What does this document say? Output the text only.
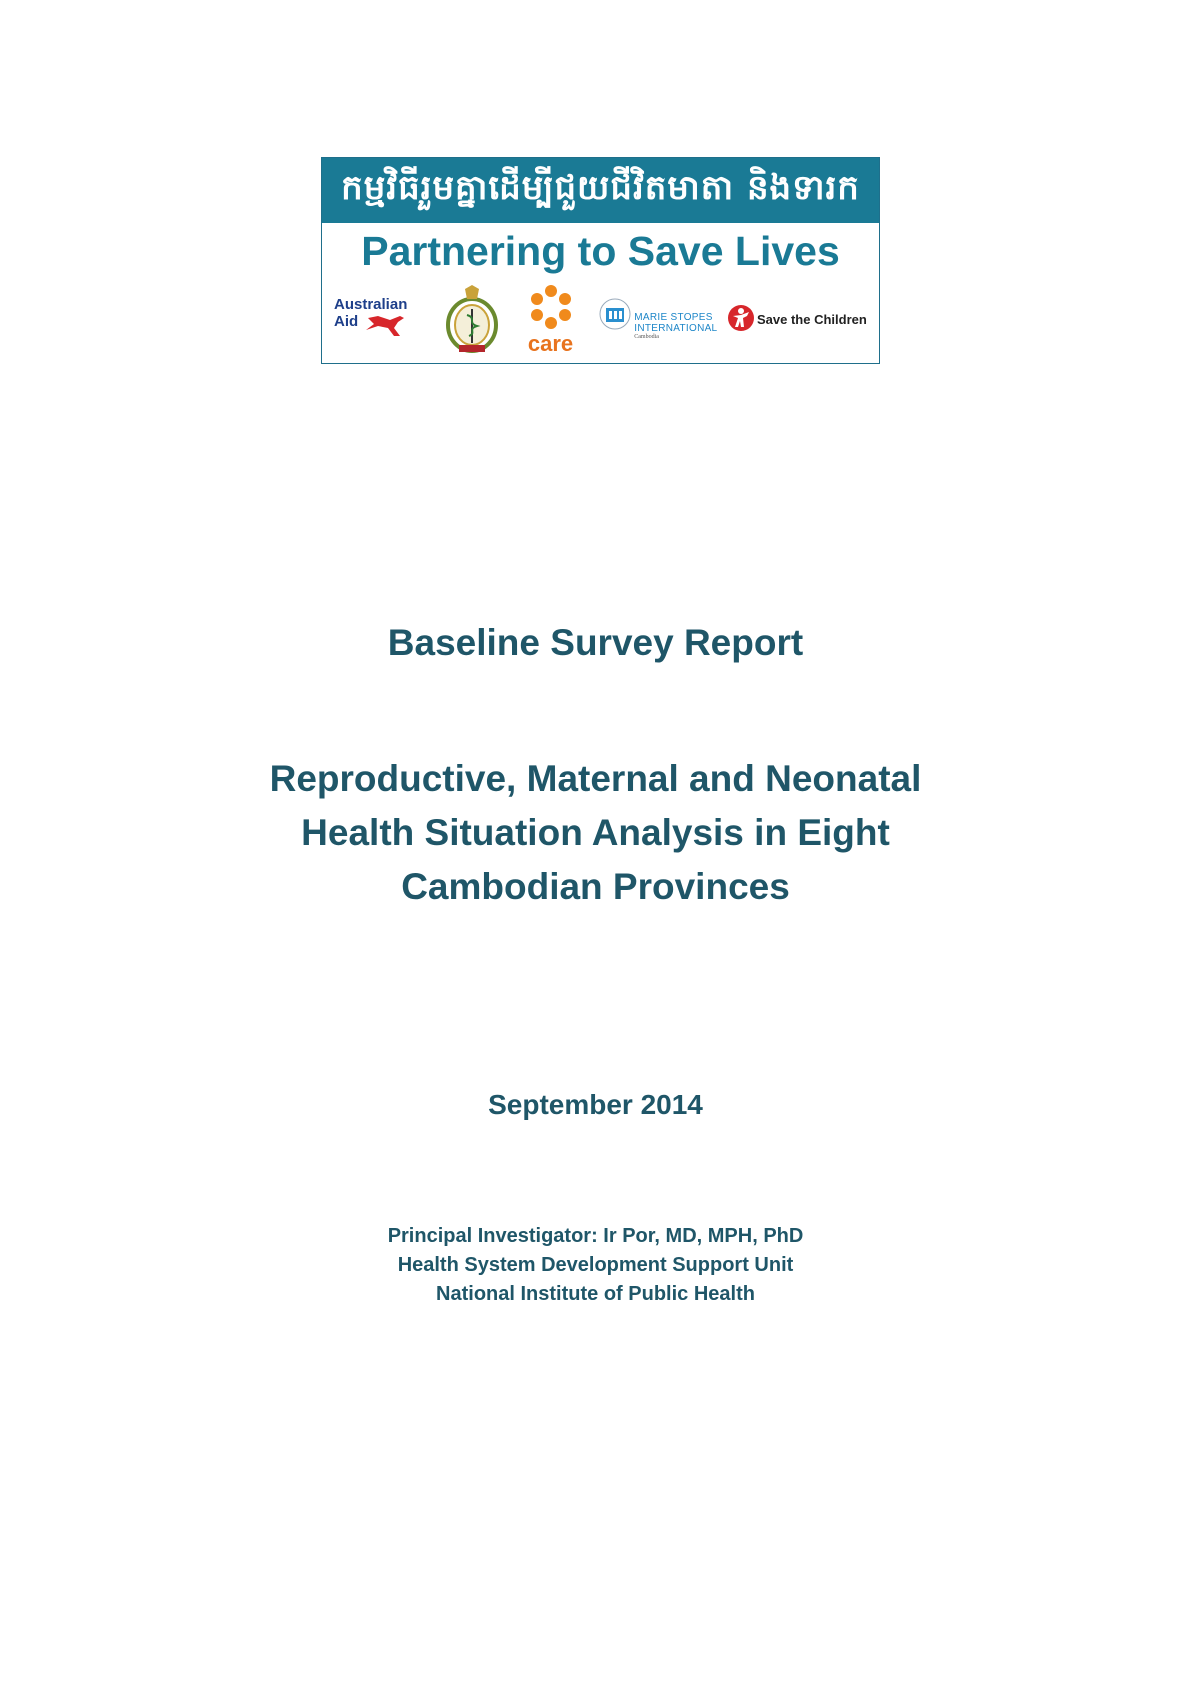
កម្មវិធីរួមគ្នាដើម្បីជួយជីវិតមាតា និងទារក
Partnering to Save Lives
Australian
Aid
care
MARIE STOPES
INTERNATIONAL
Cambodia
Save the Children
Baseline Survey Report
Reproductive, Maternal and Neonatal
Health Situation Analysis in Eight
Cambodian Provinces
September 2014
Principal Investigator: Ir Por, MD, MPH, PhD
Health System Development Support Unit
National Institute of Public Health
